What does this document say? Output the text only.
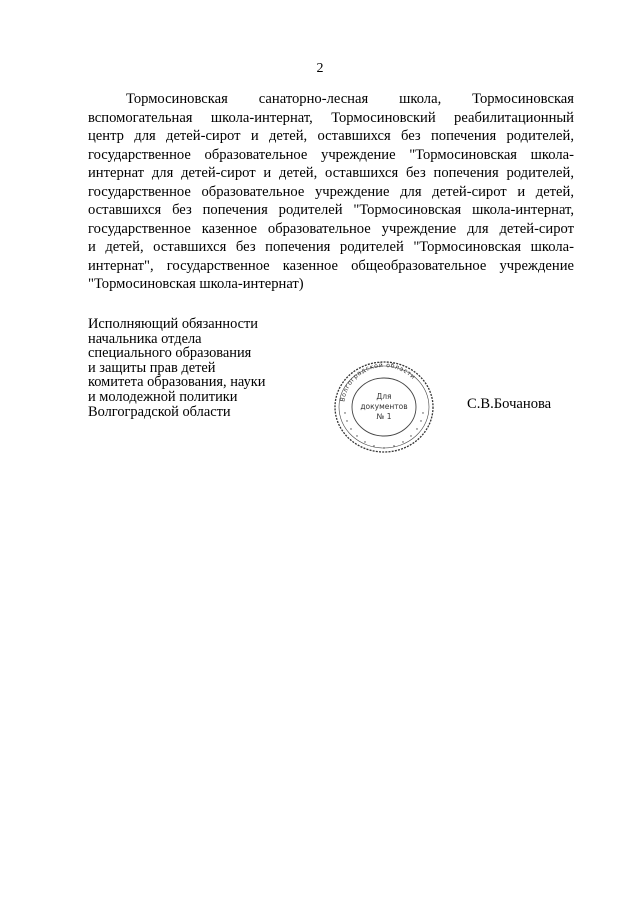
2
Тормосиновская санаторно-лесная школа, Тормосиновская
вспомогательная школа-интернат, Тормосиновский реабилитационный
центр для детей-сирот и детей, оставшихся без попечения родителей,
государственное образовательное учреждение "Тормосиновская школа-
интернат для детей-сирот и детей, оставшихся без попечения родителей,
государственное образовательное учреждение для детей-сирот и детей,
оставшихся без попечения родителей "Тормосиновская школа-интернат,
государственное казенное образовательное учреждение для детей-сирот
и детей, оставшихся без попечения родителей "Тормосиновская школа-
интернат", государственное казенное общеобразовательное учреждение
"Тормосиновская школа-интернат)
Исполняющий обязанности
начальника отдела
специального образования
и защиты прав детей
комитета образования, науки
и молодежной политики
Волгоградской области
Волгоградской области
Для
документов
№ 1
С.В.Бочанова
